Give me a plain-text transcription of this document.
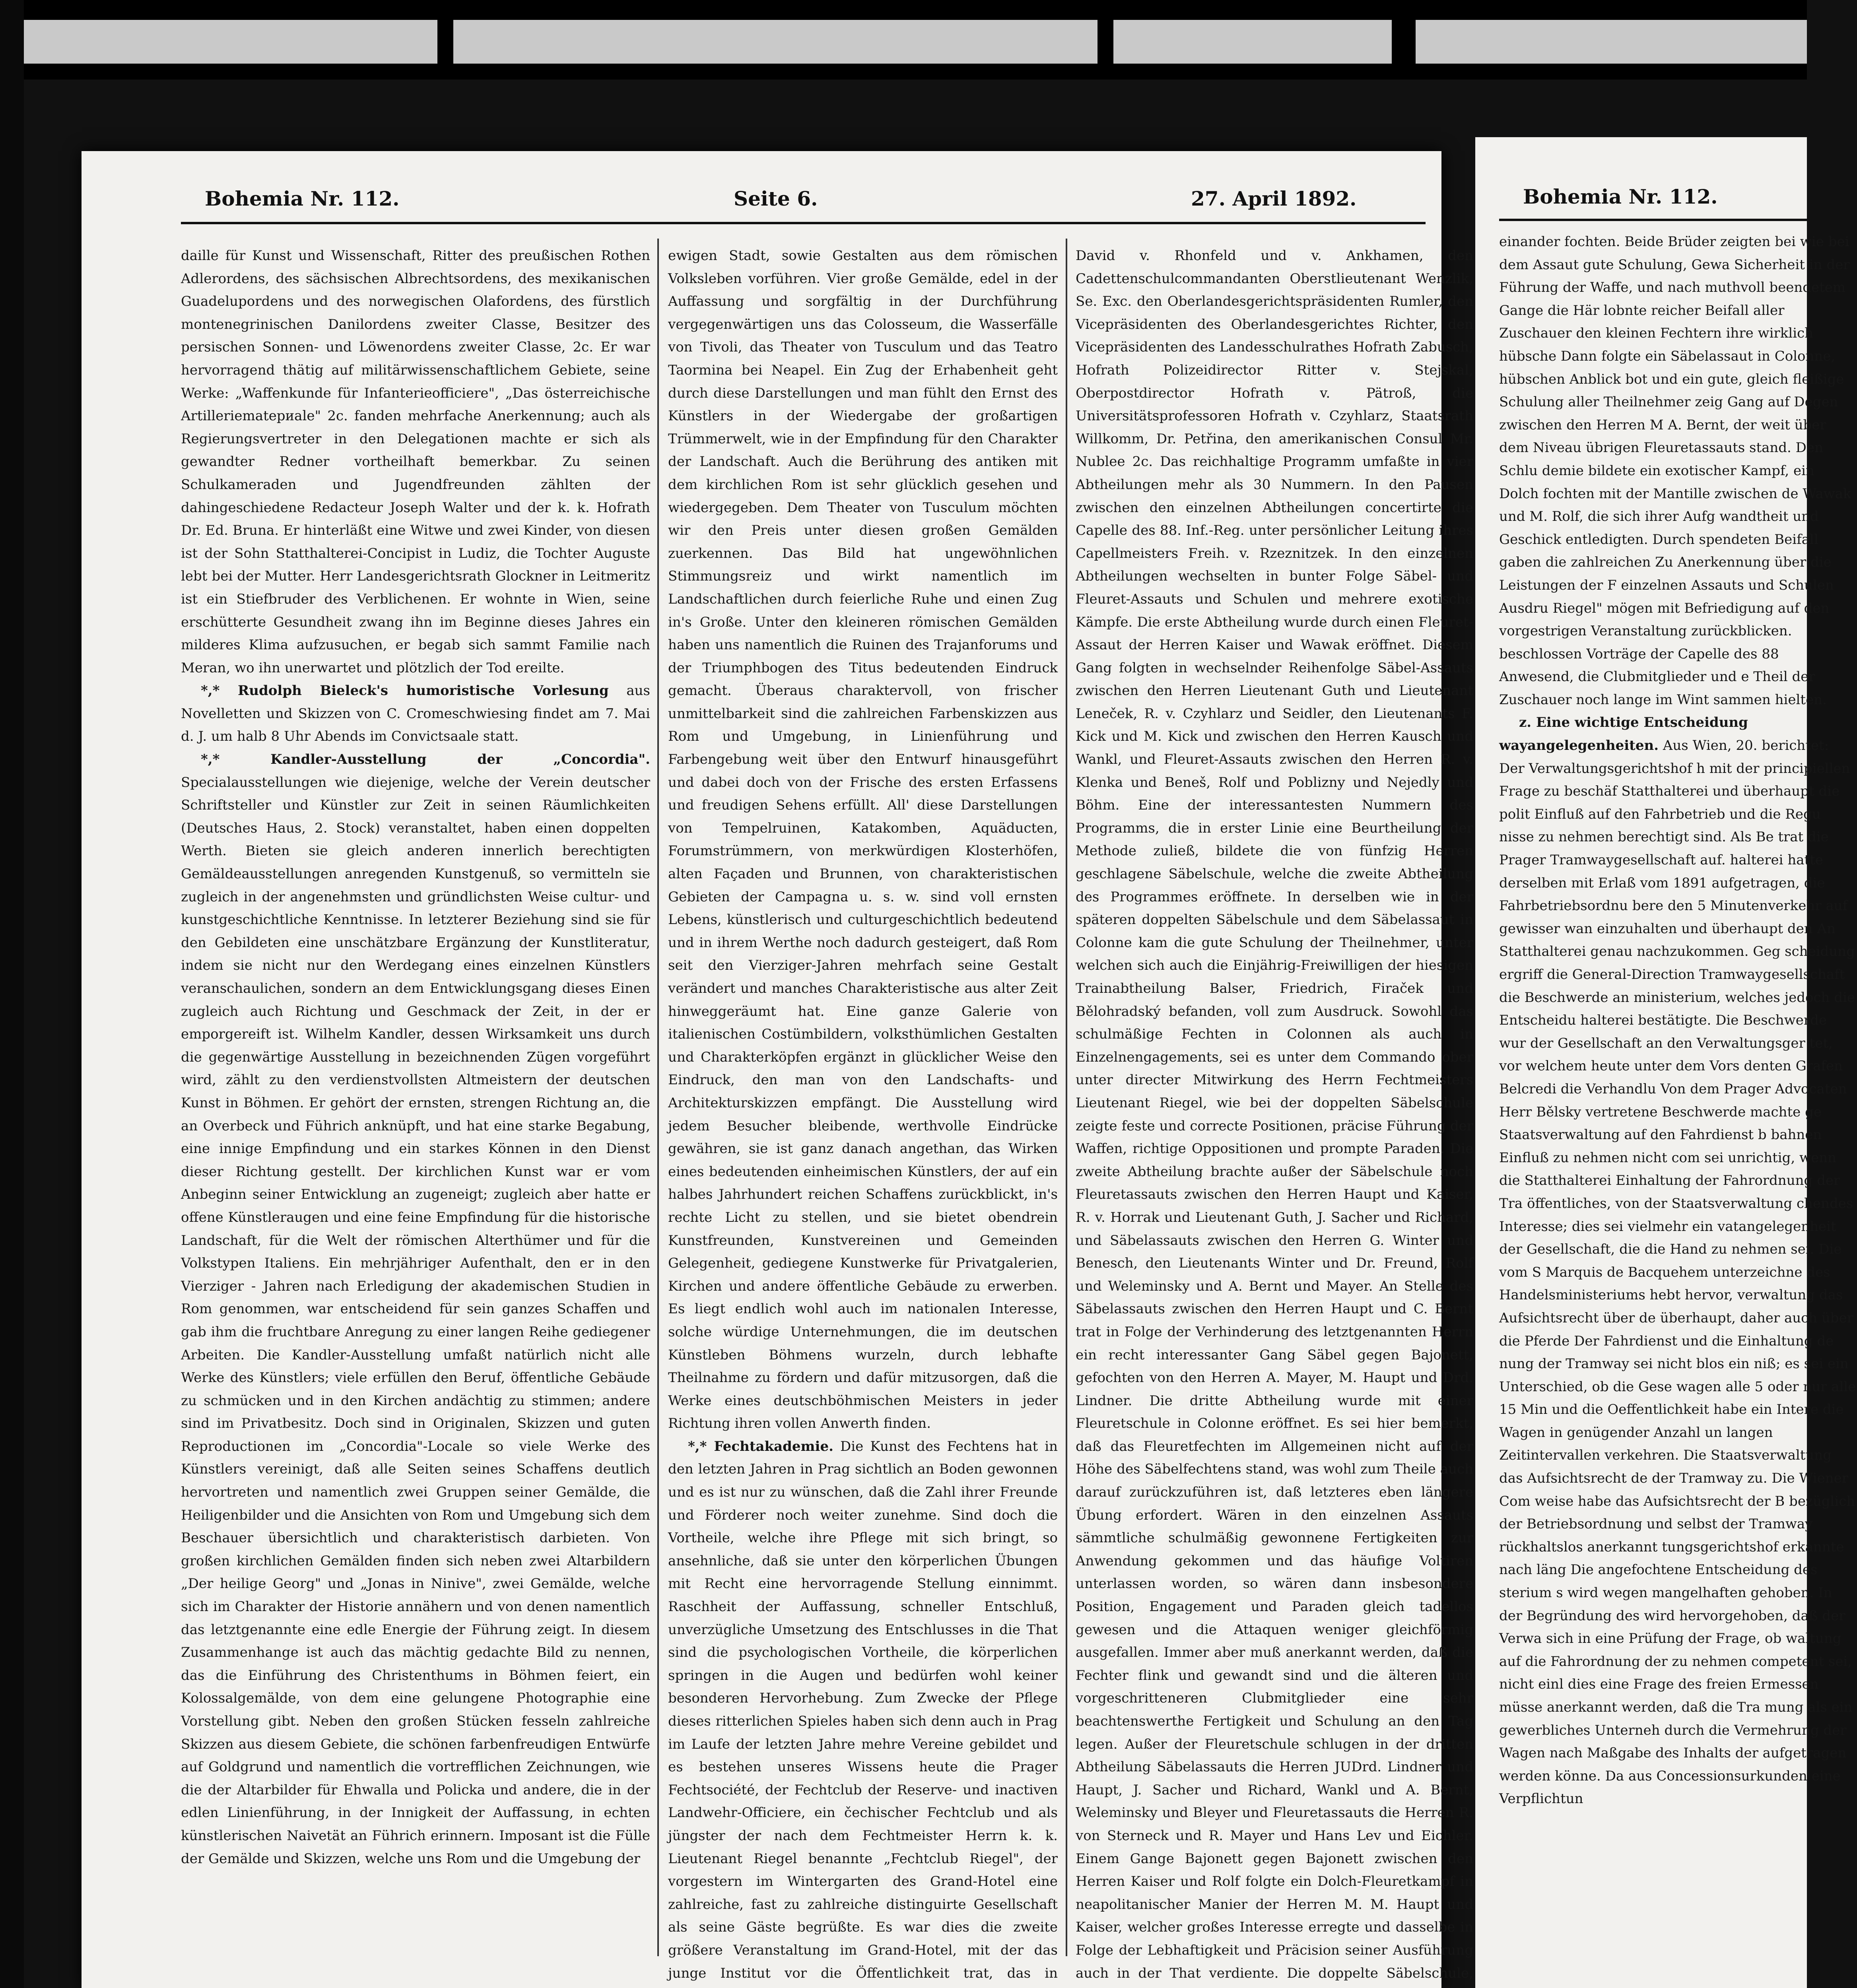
Bohemia Nr. 112.	Seite 6.	27. April 1892.

daille für Kunst und Wissenschaft, Ritter des preußischen Rothen Adlerordens, des sächsischen Albrechtsordens, des mexikanischen Guadelupordens und des norwegischen Olafordens, des fürstlich montenegrinischen Danilordens zweiter Classe, Besitzer des persischen Sonnen- und Löwenordens zweiter Classe, 2c. Er war hervorragend thätig auf militärwissenschaftlichem Gebiete, seine Werke: „Waffenkunde für Infanterieofficiere", „Das österreichische Artilleriematериale" 2c. fanden mehrfache Anerkennung; auch als Regierungsvertreter in den Delegationen machte er sich als gewandter Redner vortheilhaft bemerkbar. Zu seinen Schulkameraden und Jugendfreunden zählten der dahingeschiedene Redacteur Joseph Walter und der k. k. Hofrath Dr. Ed. Bruna. Er hinterläßt eine Witwe und zwei Kinder, von diesen ist der Sohn Statthalterei-Concipist in Ludiz, die Tochter Auguste lebt bei der Mutter. Herr Landesgerichtsrath Glockner in Leitmeritz ist ein Stiefbruder des Verblichenen. Er wohnte in Wien, seine erschütterte Gesundheit zwang ihn im Beginne dieses Jahres ein milderes Klima aufzusuchen, er begab sich sammt Familie nach Meran, wo ihn unerwartet und plötzlich der Tod ereilte.

*,* Rudolph Bieleck's humoristische Vorlesung aus Novelletten und Skizzen von C. Cromeschwiesing findet am 7. Mai d. J. um halb 8 Uhr Abends im Convictsaale statt.

*,* Kandler-Ausstellung der „Concordia". Specialausstellungen wie diejenige, welche der Verein deutscher Schriftsteller und Künstler zur Zeit in seinen Räumlichkeiten (Deutsches Haus, 2. Stock) veranstaltet, haben einen doppelten Werth. Bieten sie gleich anderen innerlich berechtigten Gemäldeausstellungen anregenden Kunstgenuß, so vermitteln sie zugleich in der angenehmsten und gründlichsten Weise cultur- und kunstgeschichtliche Kenntnisse. In letzterer Beziehung sind sie für den Gebildeten eine unschätzbare Ergänzung der Kunstliteratur, indem sie nicht nur den Werdegang eines einzelnen Künstlers veranschaulichen, sondern an dem Entwicklungsgang dieses Einen zugleich auch Richtung und Geschmack der Zeit, in der er emporgereift ist. Wilhelm Kandler, dessen Wirksamkeit uns durch die gegenwärtige Ausstellung in bezeichnenden Zügen vorgeführt wird, zählt zu den verdienstvollsten Altmeistern der deutschen Kunst in Böhmen. Er gehört der ernsten, strengen Richtung an, die an Overbeck und Führich anknüpft, und hat eine starke Begabung, eine innige Empfindung und ein starkes Können in den Dienst dieser Richtung gestellt. Der kirchlichen Kunst war er vom Anbeginn seiner Entwicklung an zugeneigt; zugleich aber hatte er offene Künstleraugen und eine feine Empfindung für die historische Landschaft, für die Welt der römischen Alterthümer und für die Volkstypen Italiens. Ein mehrjähriger Aufenthalt, den er in den Vierziger - Jahren nach Erledigung der akademischen Studien in Rom genommen, war entscheidend für sein ganzes Schaffen und gab ihm die fruchtbare Anregung zu einer langen Reihe gediegener Arbeiten. Die Kandler-Ausstellung umfaßt natürlich nicht alle Werke des Künstlers; viele erfüllen den Beruf, öffentliche Gebäude zu schmücken und in den Kirchen andächtig zu stimmen; andere sind im Privatbesitz. Doch sind in Originalen, Skizzen und guten Reproductionen im „Concordia"-Locale so viele Werke des Künstlers vereinigt, daß alle Seiten seines Schaffens deutlich hervortreten und namentlich zwei Gruppen seiner Gemälde, die Heiligenbilder und die Ansichten von Rom und Umgebung sich dem Beschauer übersichtlich und charakteristisch darbieten. Von großen kirchlichen Gemälden finden sich neben zwei Altarbildern „Der heilige Georg" und „Jonas in Ninive", zwei Gemälde, welche sich im Charakter der Historie annähern und von denen namentlich das letztgenannte eine edle Energie der Führung zeigt. In diesem Zusammenhange ist auch das mächtig gedachte Bild zu nennen, das die Einführung des Christenthums in Böhmen feiert, ein Kolossalgemälde, von dem eine gelungene Photographie eine Vorstellung gibt. Neben den großen Stücken fesseln zahlreiche Skizzen aus diesem Gebiete, die schönen farbenfreudigen Entwürfe auf Goldgrund und namentlich die vortrefflichen Zeichnungen, wie die der Altarbilder für Ehwalla und Policka und andere, die in der edlen Linienführung, in der Innigkeit der Auffassung, in echten künstlerischen Naivetät an Führich erinnern. Imposant ist die Fülle der Gemälde und Skizzen, welche uns Rom und die Umgebung der

ewigen Stadt, sowie Gestalten aus dem römischen Volksleben vorführen. Vier große Gemälde, edel in der Auffassung und sorgfältig in der Durchführung vergegenwärtigen uns das Colosseum, die Wasserfälle von Tivoli, das Theater von Tusculum und das Teatro Taormina bei Neapel. Ein Zug der Erhabenheit geht durch diese Darstellungen und man fühlt den Ernst des Künstlers in der Wiedergabe der großartigen Trümmerwelt, wie in der Empfindung für den Charakter der Landschaft. Auch die Berührung des antiken mit dem kirchlichen Rom ist sehr glücklich gesehen und wiedergegeben. Dem Theater von Tusculum möchten wir den Preis unter diesen großen Gemälden zuerkennen. Das Bild hat ungewöhnlichen Stimmungsreiz und wirkt namentlich im Landschaftlichen durch feierliche Ruhe und einen Zug in's Große. Unter den kleineren römischen Gemälden haben uns namentlich die Ruinen des Trajanforums und der Triumphbogen des Titus bedeutenden Eindruck gemacht. Überaus charaktervoll, von frischer unmittelbarkeit sind die zahlreichen Farbenskizzen aus Rom und Umgebung, in Linienführung und Farbengebung weit über den Entwurf hinausgeführt und dabei doch von der Frische des ersten Erfassens und freudigen Sehens erfüllt. All' diese Darstellungen von Tempelruinen, Katakomben, Aquäducten, Forumstrümmern, von merkwürdigen Klosterhöfen, alten Façaden und Brunnen, von charakteristischen Gebieten der Campagna u. s. w. sind voll ernsten Lebens, künstlerisch und culturgeschichtlich bedeutend und in ihrem Werthe noch dadurch gesteigert, daß Rom seit den Vierziger-Jahren mehrfach seine Gestalt verändert und manches Charakteristische aus alter Zeit hinweggeräumt hat. Eine ganze Galerie von italienischen Costümbildern, volksthümlichen Gestalten und Charakterköpfen ergänzt in glücklicher Weise den Eindruck, den man von den Landschafts- und Architekturskizzen empfängt. Die Ausstellung wird jedem Besucher bleibende, werthvolle Eindrücke gewähren, sie ist ganz danach angethan, das Wirken eines bedeutenden einheimischen Künstlers, der auf ein halbes Jahrhundert reichen Schaffens zurückblickt, in's rechte Licht zu stellen, und sie bietet obendrein Kunstfreunden, Kunstvereinen und Gemeinden Gelegenheit, gediegene Kunstwerke für Privatgalerien, Kirchen und andere öffentliche Gebäude zu erwerben. Es liegt endlich wohl auch im nationalen Interesse, solche würdige Unternehmungen, die im deutschen Künstleben Böhmens wurzeln, durch lebhafte Theilnahme zu fördern und dafür mitzusorgen, daß die Werke eines deutschböhmischen Meisters in jeder Richtung ihren vollen Anwerth finden.

*,* Fechtakademie. Die Kunst des Fechtens hat in den letzten Jahren in Prag sichtlich an Boden gewonnen und es ist nur zu wünschen, daß die Zahl ihrer Freunde und Förderer noch weiter zunehme. Sind doch die Vortheile, welche ihre Pflege mit sich bringt, so ansehnliche, daß sie unter den körperlichen Übungen mit Recht eine hervorragende Stellung einnimmt. Raschheit der Auffassung, schneller Entschluß, unverzügliche Umsetzung des Entschlusses in die That sind die psychologischen Vortheile, die körperlichen springen in die Augen und bedürfen wohl keiner besonderen Hervorhebung. Zum Zwecke der Pflege dieses ritterlichen Spieles haben sich denn auch in Prag im Laufe der letzten Jahre mehre Vereine gebildet und es bestehen unseres Wissens heute die Prager Fechtsociété, der Fechtclub der Reserve- und inactiven Landwehr-Officiere, ein čechischer Fechtclub und als jüngster der nach dem Fechtmeister Herrn k. k. Lieutenant Riegel benannte „Fechtclub Riegel", der vorgestern im Wintergarten des Grand-Hotel eine zahlreiche, fast zu zahlreiche distinguirte Gesellschaft als seine Gäste begrüßte. Es war dies die zweite größere Veranstaltung im Grand-Hotel, mit der das junge Institut vor die Öffentlichkeit trat, das in

David v. Rhonfeld und v. Ankhamen, den Cadettenschulcommandanten Oberstlieutenant Wenzlik, Se. Exc. den Oberlandesgerichtspräsidenten Rumler, den Vicepräsidenten des Oberlandesgerichtes Richter, den Vicepräsidenten des Landesschulrathes Hofrath Zabusch, Hofrath Polizeidirector Ritter v. Stejskal, Oberpostdirector Hofrath v. Pätroß, die Universitätsprofessoren Hofrath v. Czyhlarz, Staatsrath Willkomm, Dr. Petřina, den amerikanischen Consul Mr. Nublee 2c. Das reichhaltige Programm umfaßte in vier Abtheilungen mehr als 30 Nummern. In den Pausen zwischen den einzelnen Abtheilungen concertirte die Capelle des 88. Inf.-Reg. unter persönlicher Leitung ihres Capellmeisters Freih. v. Rzeznitzek. In den einzelnen Abtheilungen wechselten in bunter Folge Säbel- und Fleuret-Assauts und Schulen und mehrere exotische Kämpfe. Die erste Abtheilung wurde durch einen Fleuret-Assaut der Herren Kaiser und Wawak eröffnet. Diesem Gang folgten in wechselnder Reihenfolge Säbel-Assauts zwischen den Herren Lieutenant Guth und Lieutenant Leneček, R. v. Czyhlarz und Seidler, den Lieutenants F. Kick und M. Kick und zwischen den Herren Kausch und Wankl, und Fleuret-Assauts zwischen den Herren R. v. Klenka und Beneš, Rolf und Poblizny und Nejedly und Böhm. Eine der interessantesten Nummern des Programms, die in erster Linie eine Beurtheilung der Methode zuließ, bildete die von fünfzig Herren geschlagene Säbelschule, welche die zweite Abtheilung des Programmes eröffnete. In derselben wie in der späteren doppelten Säbelschule und dem Säbelassaut in Colonne kam die gute Schulung der Theilnehmer, unter welchen sich auch die Einjährig-Freiwilligen der hiesigen Trainabtheilung Balser, Friedrich, Firaček und Bělohradský befanden, voll zum Ausdruck. Sowohl das schulmäßige Fechten in Colonnen als auch in Einzelnengagements, sei es unter dem Commando ober unter directer Mitwirkung des Herrn Fechtmeisters Lieutenant Riegel, wie bei der doppelten Säbelschule zeigte feste und correcte Positionen, präcise Führung der Waffen, richtige Oppositionen und prompte Paraden. Die zweite Abtheilung brachte außer der Säbelschule noch Fleuretassauts zwischen den Herren Haupt und Kaiser, R. v. Horrak und Lieutenant Guth, J. Sacher und Richard, und Säbelassauts zwischen den Herren G. Winter und Benesch, den Lieutenants Winter und Dr. Freund, Rolf und Weleminsky und A. Bernt und Mayer. An Stelle des Säbelassauts zwischen den Herren Haupt und C. Bernt trat in Folge der Verhinderung des letztgenannten Herrn ein recht interessanter Gang Säbel gegen Bajonett, gefochten von den Herren A. Mayer, M. Haupt und Drd. Lindner. Die dritte Abtheilung wurde mit einer Fleuretschule in Colonne eröffnet. Es sei hier bemerkt, daß das Fleuretfechten im Allgemeinen nicht auf der Höhe des Säbelfechtens stand, was wohl zum Theile auch darauf zurückzuführen ist, daß letzteres eben längere Übung erfordert. Wären in den einzelnen Assauts sämmtliche schulmäßig gewonnene Fertigkeiten zur Anwendung gekommen und das häufige Voltiren unterlassen worden, so wären dann insbesondere Position, Engagement und Paraden gleich tadellos gewesen und die Attaquen weniger gleichförmig ausgefallen. Immer aber muß anerkannt werden, daß die Fechter flink und gewandt sind und die älteren und vorgeschritteneren Clubmitglieder eine sehr beachtenswerthe Fertigkeit und Schulung an den Tag legen. Außer der Fleuretschule schlugen in der dritten Abtheilung Säbelassauts die Herren JUDrd. Lindner und Haupt, J. Sacher und Richard, Wankl und A. Bernt, Weleminsky und Bleyer und Fleuretassauts die Herren R. von Sterneck und R. Mayer und Hans Lev und Eichler. Einem Gange Bajonett gegen Bajonett zwischen den Herren Kaiser und Rolf folgte ein Dolch-Fleuretkampf in neapolitanischer Manier der Herren M. M. Haupt und Kaiser, welcher großes Interesse erregte und dasselbe in Folge der Lebhaftigkeit und Präcision seiner Ausführung auch in der That verdiente. Die doppelte Säbelschule,

Bohemia Nr. 112.

einander fochten. Beide Brüder zeigten bei wie bei dem Assaut gute Schulung, Gewa Sicherheit in der Führung der Waffe, und nach muthvoll beendetem Gange die Här lobnte reicher Beifall aller Zuschauer den kleinen Fechtern ihre wirklich hübsche Dann folgte ein Säbelassaut in Colonne, hübschen Anblick bot und ein gute, gleich fleißige Schulung aller Theilnehmer zeig Gang auf Degen zwischen den Herren M A. Bernt, der weit über dem Niveau übrigen Fleuretassauts stand. Den Schlu demie bildete ein exotischer Kampf, ein Dolch fochten mit der Mantille zwischen de Wawak und M. Rolf, die sich ihrer Aufg wandtheit und Geschick entledigten. Durch spendeten Beifall gaben die zahlreichen Zu Anerkennung über die Leistungen der F einzelnen Assauts und Schulen Ausdru Riegel" mögen mit Befriedigung auf den vorgestrigen Veranstaltung zurückblicken. beschlossen Vorträge der Capelle des 88 Anwesend, die Clubmitglieder und e Theil der Zuschauer noch lange im Wint sammen hielten.

z. Eine wichtige Entscheidung wayangelegenheiten. Aus Wien, 20. berichtet: Der Verwaltungsgerichtshof h mit der principiellen Frage zu beschäf Statthalterei und überhaupt die polit Einfluß auf den Fahrbetrieb und die Regu nisse zu nehmen berechtigt sind. Als Be trat die Prager Tramwaygesellschaft auf. halterei hatte derselben mit Erlaß vom 1891 aufgetragen, die Fahrbetriebsordnu bere den 5 Minutenverkehr auf gewisser wan einzuhalten und überhaupt den An Statthalterei genau nachzukommen. Geg scheidung ergriff die General-Direction Tramwaygesellschaft die Beschwerde an ministerium, welches jedoch die Entscheidu halterei bestätigte. Die Beschwerde wur der Gesellschaft an den Verwaltungsger tet, vor welchem heute unter dem Vors denten Grafen Belcredi die Verhandlu Von dem Prager Advocaten Herr Bělsky vertretene Beschwerde machte ge Staatsverwaltung auf den Fahrdienst b bahnen Einfluß zu nehmen nicht com sei unrichtig, wenn die Statthalterei Einhaltung der Fahrordnung der Tra öffentliches, von der Staatsverwaltung chendes Interesse; dies sei vielmehr ein vatangelegenheit der Gesellschaft, die die Hand zu nehmen sei. Die vom S Marquis de Bacquehem unterzeichne des Handelsministeriums hebt hervor, verwaltung das Aufsichtsrecht über de überhaupt, daher auch über die Pferde Der Fahrdienst und die Einhaltung de nung der Tramway sei nicht blos ein niß; es sei ein Unterschied, ob die Gese wagen alle 5 oder nur alle 15 Min und die Oeffentlichkeit habe ein Intere die Wagen in genügender Anzahl un langen Zeitintervallen verkehren. Die Staatsverwaltung das Aufsichtsrecht de der Tramway zu. Die Wiener Com weise habe das Aufsichtsrecht der B bezüglich der Betriebsordnung und selbst der Tramway rückhaltslos anerkannt tungsgerichtshof erkannte nach läng Die angefochtene Entscheidung des sterium s wird wegen mangelhaften gehoben. In der Begründung des wird hervorgehoben, daß der Verwa sich in eine Prüfung der Frage, ob waltung auf die Fahrordnung der zu nehmen competent sei, nicht einl dies eine Frage des freien Ermessen müsse anerkannt werden, daß die Tra mung als ein gewerbliches Unterneh durch die Vermehrung der Wagen nach Maßgabe des Inhalts der aufgetragen werden könne. Da aus Concessionsurkunden eine Verpflichtun
